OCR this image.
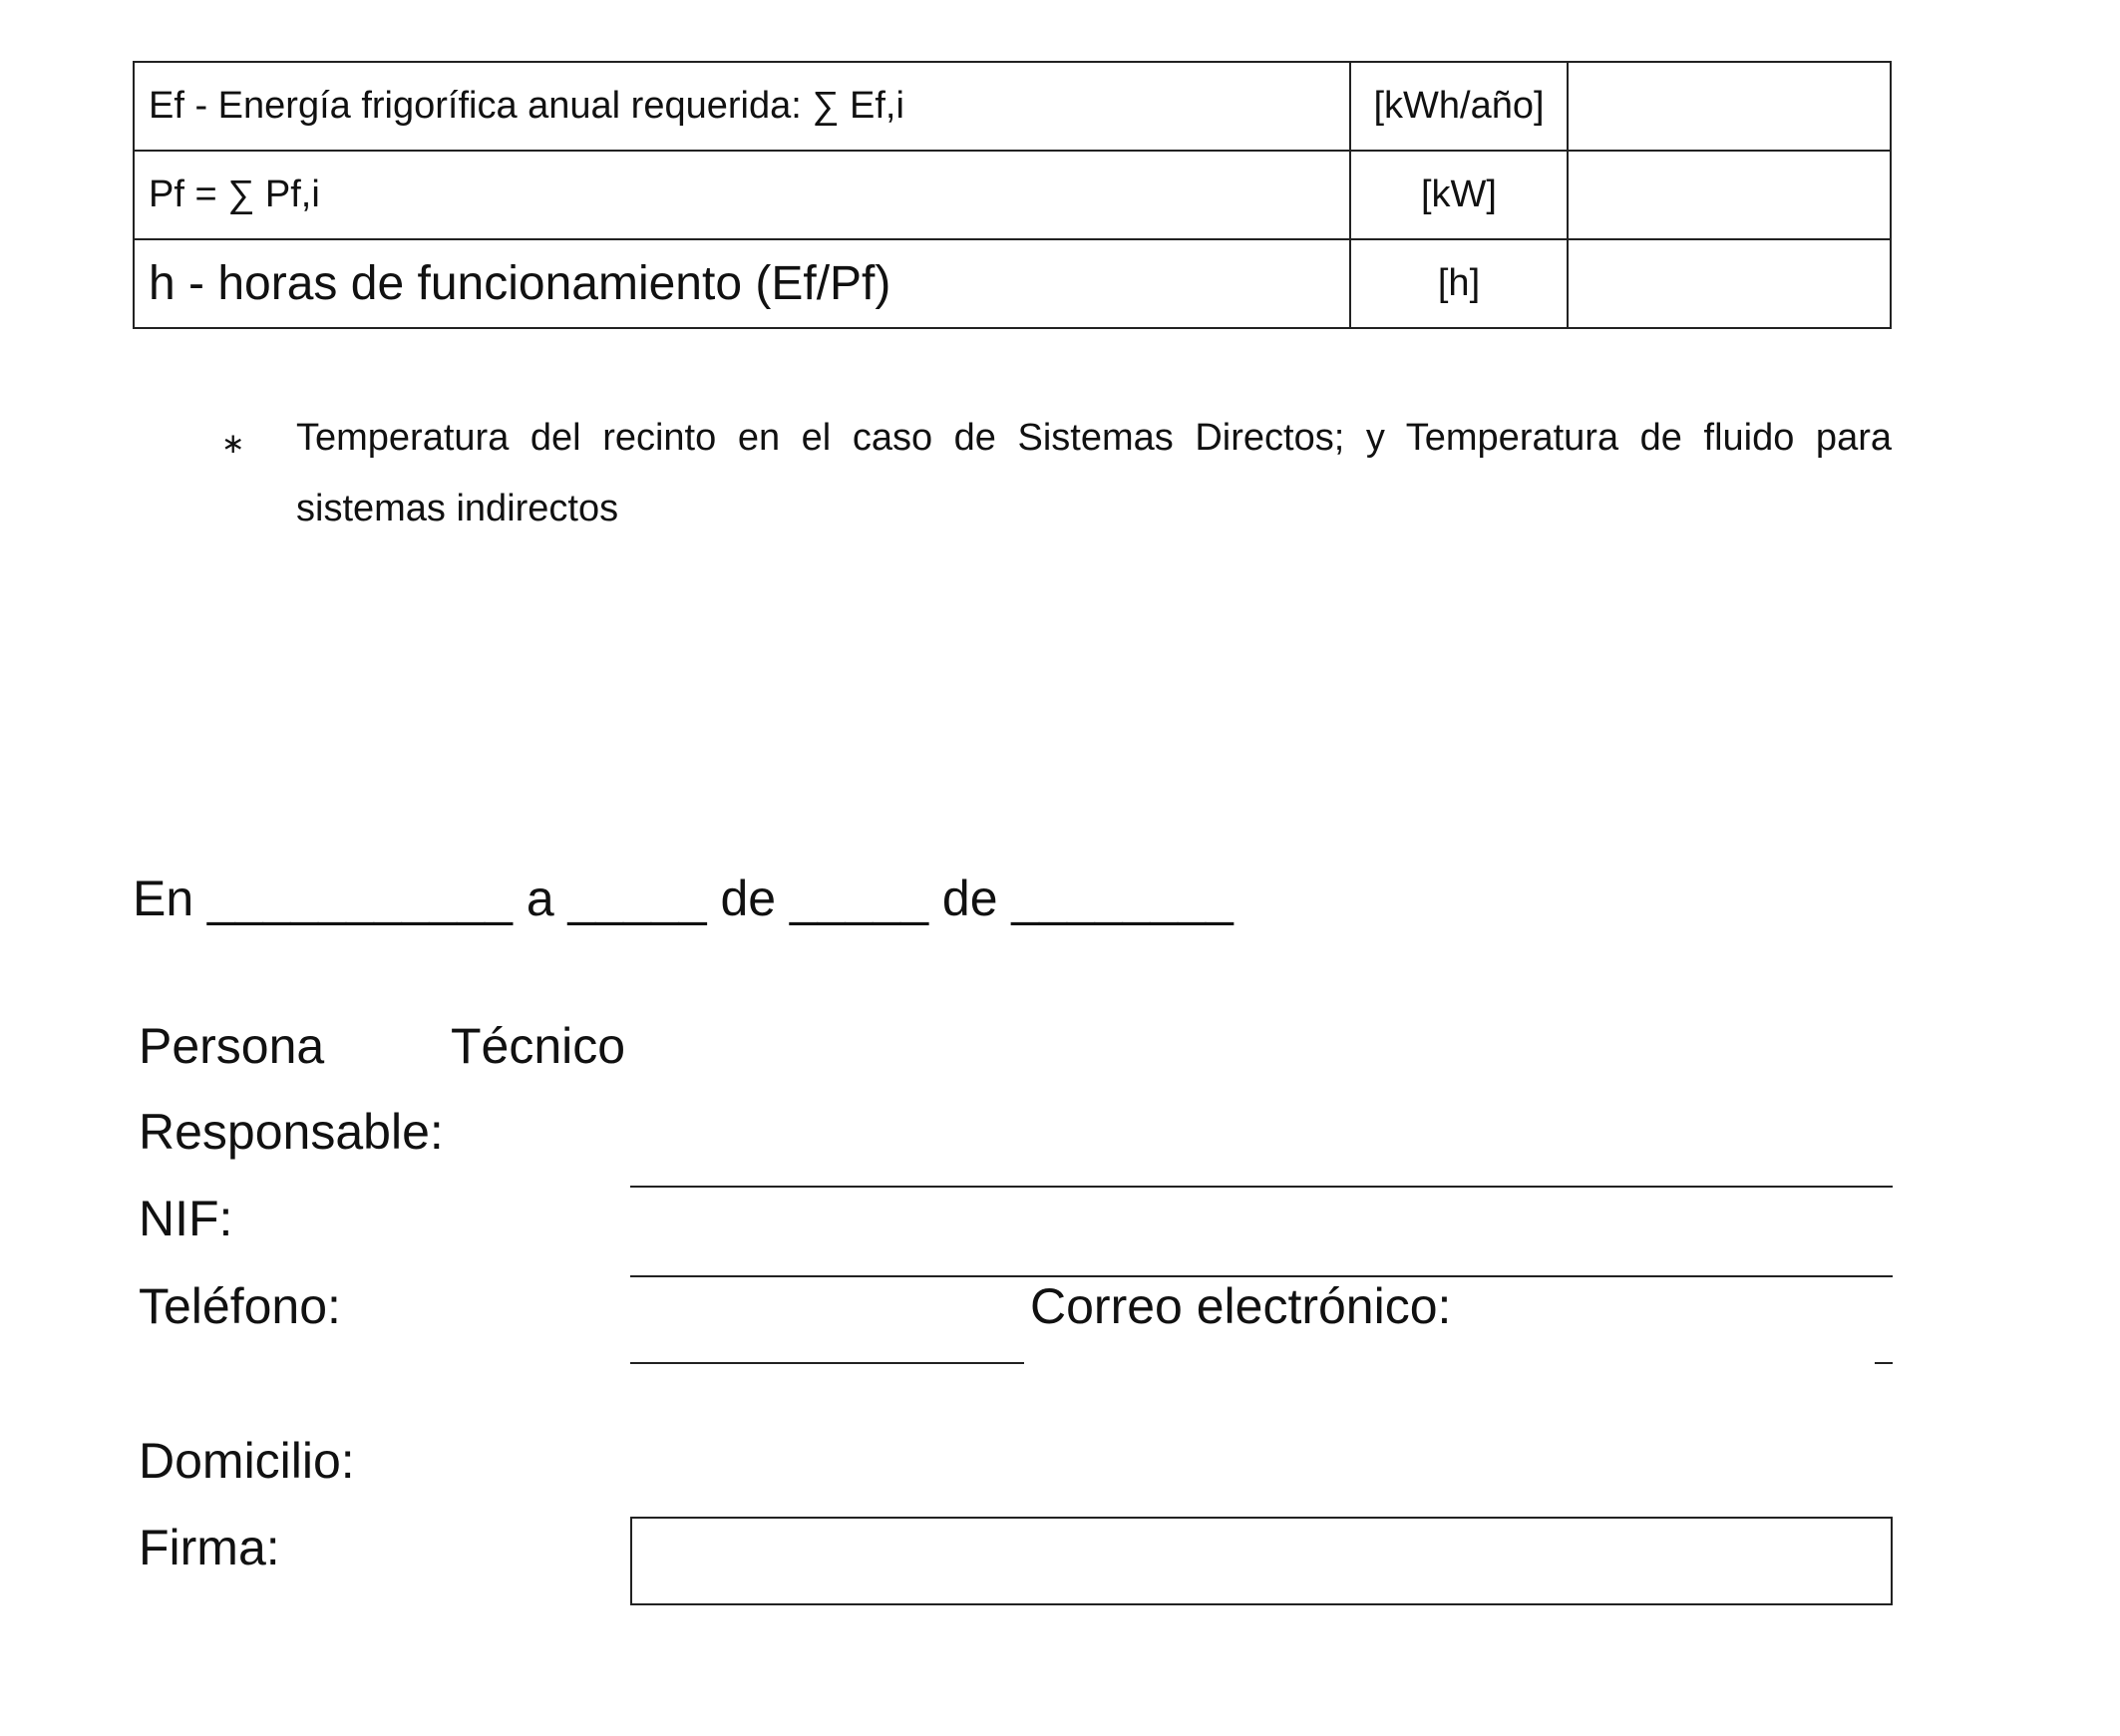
Ef - Energía frigorífica anual requerida: ∑ Ef,i	[kWh/año]	
Pf = ∑ Pf,i	[kW]	
h - horas de funcionamiento (Ef/Pf)	[h]	
∗ Temperatura del recinto en el caso de Sistemas Directos; y Temperatura de fluido para sistemas indirectos
En ___________ a _____ de _____ de ________
Persona	Técnico
Responsable:
NIF:
Teléfono:	Correo electrónico:
Domicilio:
Firma:
